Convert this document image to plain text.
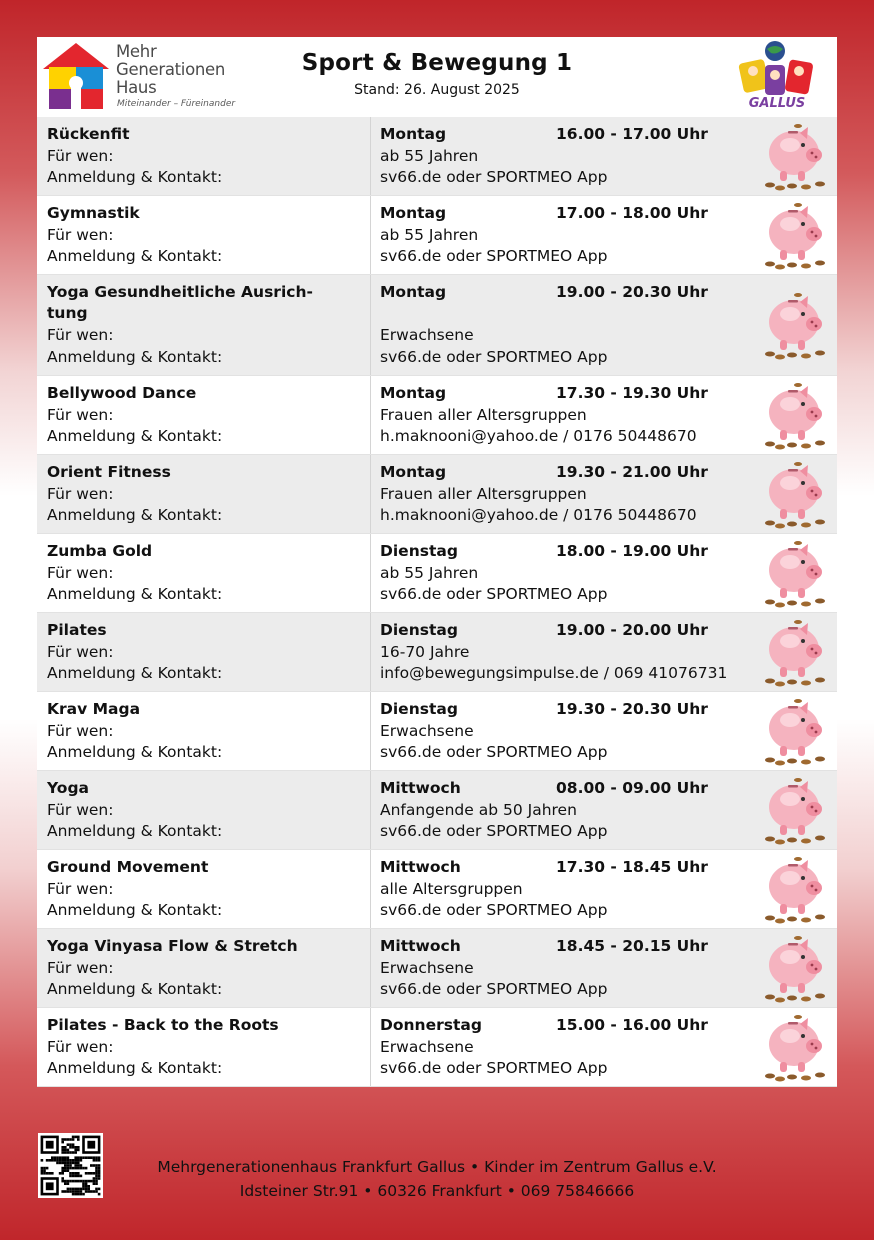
Mehr
Generationen
Haus
Miteinander – Füreinander
Sport & Bewegung 1
Stand: 26. August 2025
GALLUS
Rückenfit
Für wen:
Anmeldung & Kontakt:
Montag	16.00 - 17.00 Uhr
ab 55 Jahren
sv66.de oder SPORTMEO App
Gymnastik
Für wen:
Anmeldung & Kontakt:
Montag	17.00 - 18.00 Uhr
ab 55 Jahren
sv66.de oder SPORTMEO App
Yoga Gesundheitliche Ausrich-
tung
Für wen:
Anmeldung & Kontakt:
Montag	19.00 - 20.30 Uhr
Erwachsene
sv66.de oder SPORTMEO App
Bellywood Dance
Für wen:
Anmeldung & Kontakt:
Montag	17.30 - 19.30 Uhr
Frauen aller Altersgruppen
h.maknooni@yahoo.de / 0176 50448670
Orient Fitness
Für wen:
Anmeldung & Kontakt:
Montag	19.30 - 21.00 Uhr
Frauen aller Altersgruppen
h.maknooni@yahoo.de / 0176 50448670
Zumba Gold
Für wen:
Anmeldung & Kontakt:
Dienstag	18.00 - 19.00 Uhr
ab 55 Jahren
sv66.de oder SPORTMEO App
Pilates
Für wen:
Anmeldung & Kontakt:
Dienstag	19.00 - 20.00 Uhr
16-70 Jahre
info@bewegungsimpulse.de / 069 41076731
Krav Maga
Für wen:
Anmeldung & Kontakt:
Dienstag	19.30 - 20.30 Uhr
Erwachsene
sv66.de oder SPORTMEO App
Yoga
Für wen:
Anmeldung & Kontakt:
Mittwoch	08.00 - 09.00 Uhr
Anfangende ab 50 Jahren
sv66.de oder SPORTMEO App
Ground Movement
Für wen:
Anmeldung & Kontakt:
Mittwoch	17.30 - 18.45 Uhr
alle Altersgruppen
sv66.de oder SPORTMEO App
Yoga Vinyasa Flow & Stretch
Für wen:
Anmeldung & Kontakt:
Mittwoch	18.45 - 20.15 Uhr
Erwachsene
sv66.de oder SPORTMEO App
Pilates - Back to the Roots
Für wen:
Anmeldung & Kontakt:
Donnerstag	15.00 - 16.00 Uhr
Erwachsene
sv66.de oder SPORTMEO App
Mehrgenerationenhaus Frankfurt Gallus • Kinder im Zentrum Gallus e.V.
Idsteiner Str.91 • 60326 Frankfurt • 069 75846666
